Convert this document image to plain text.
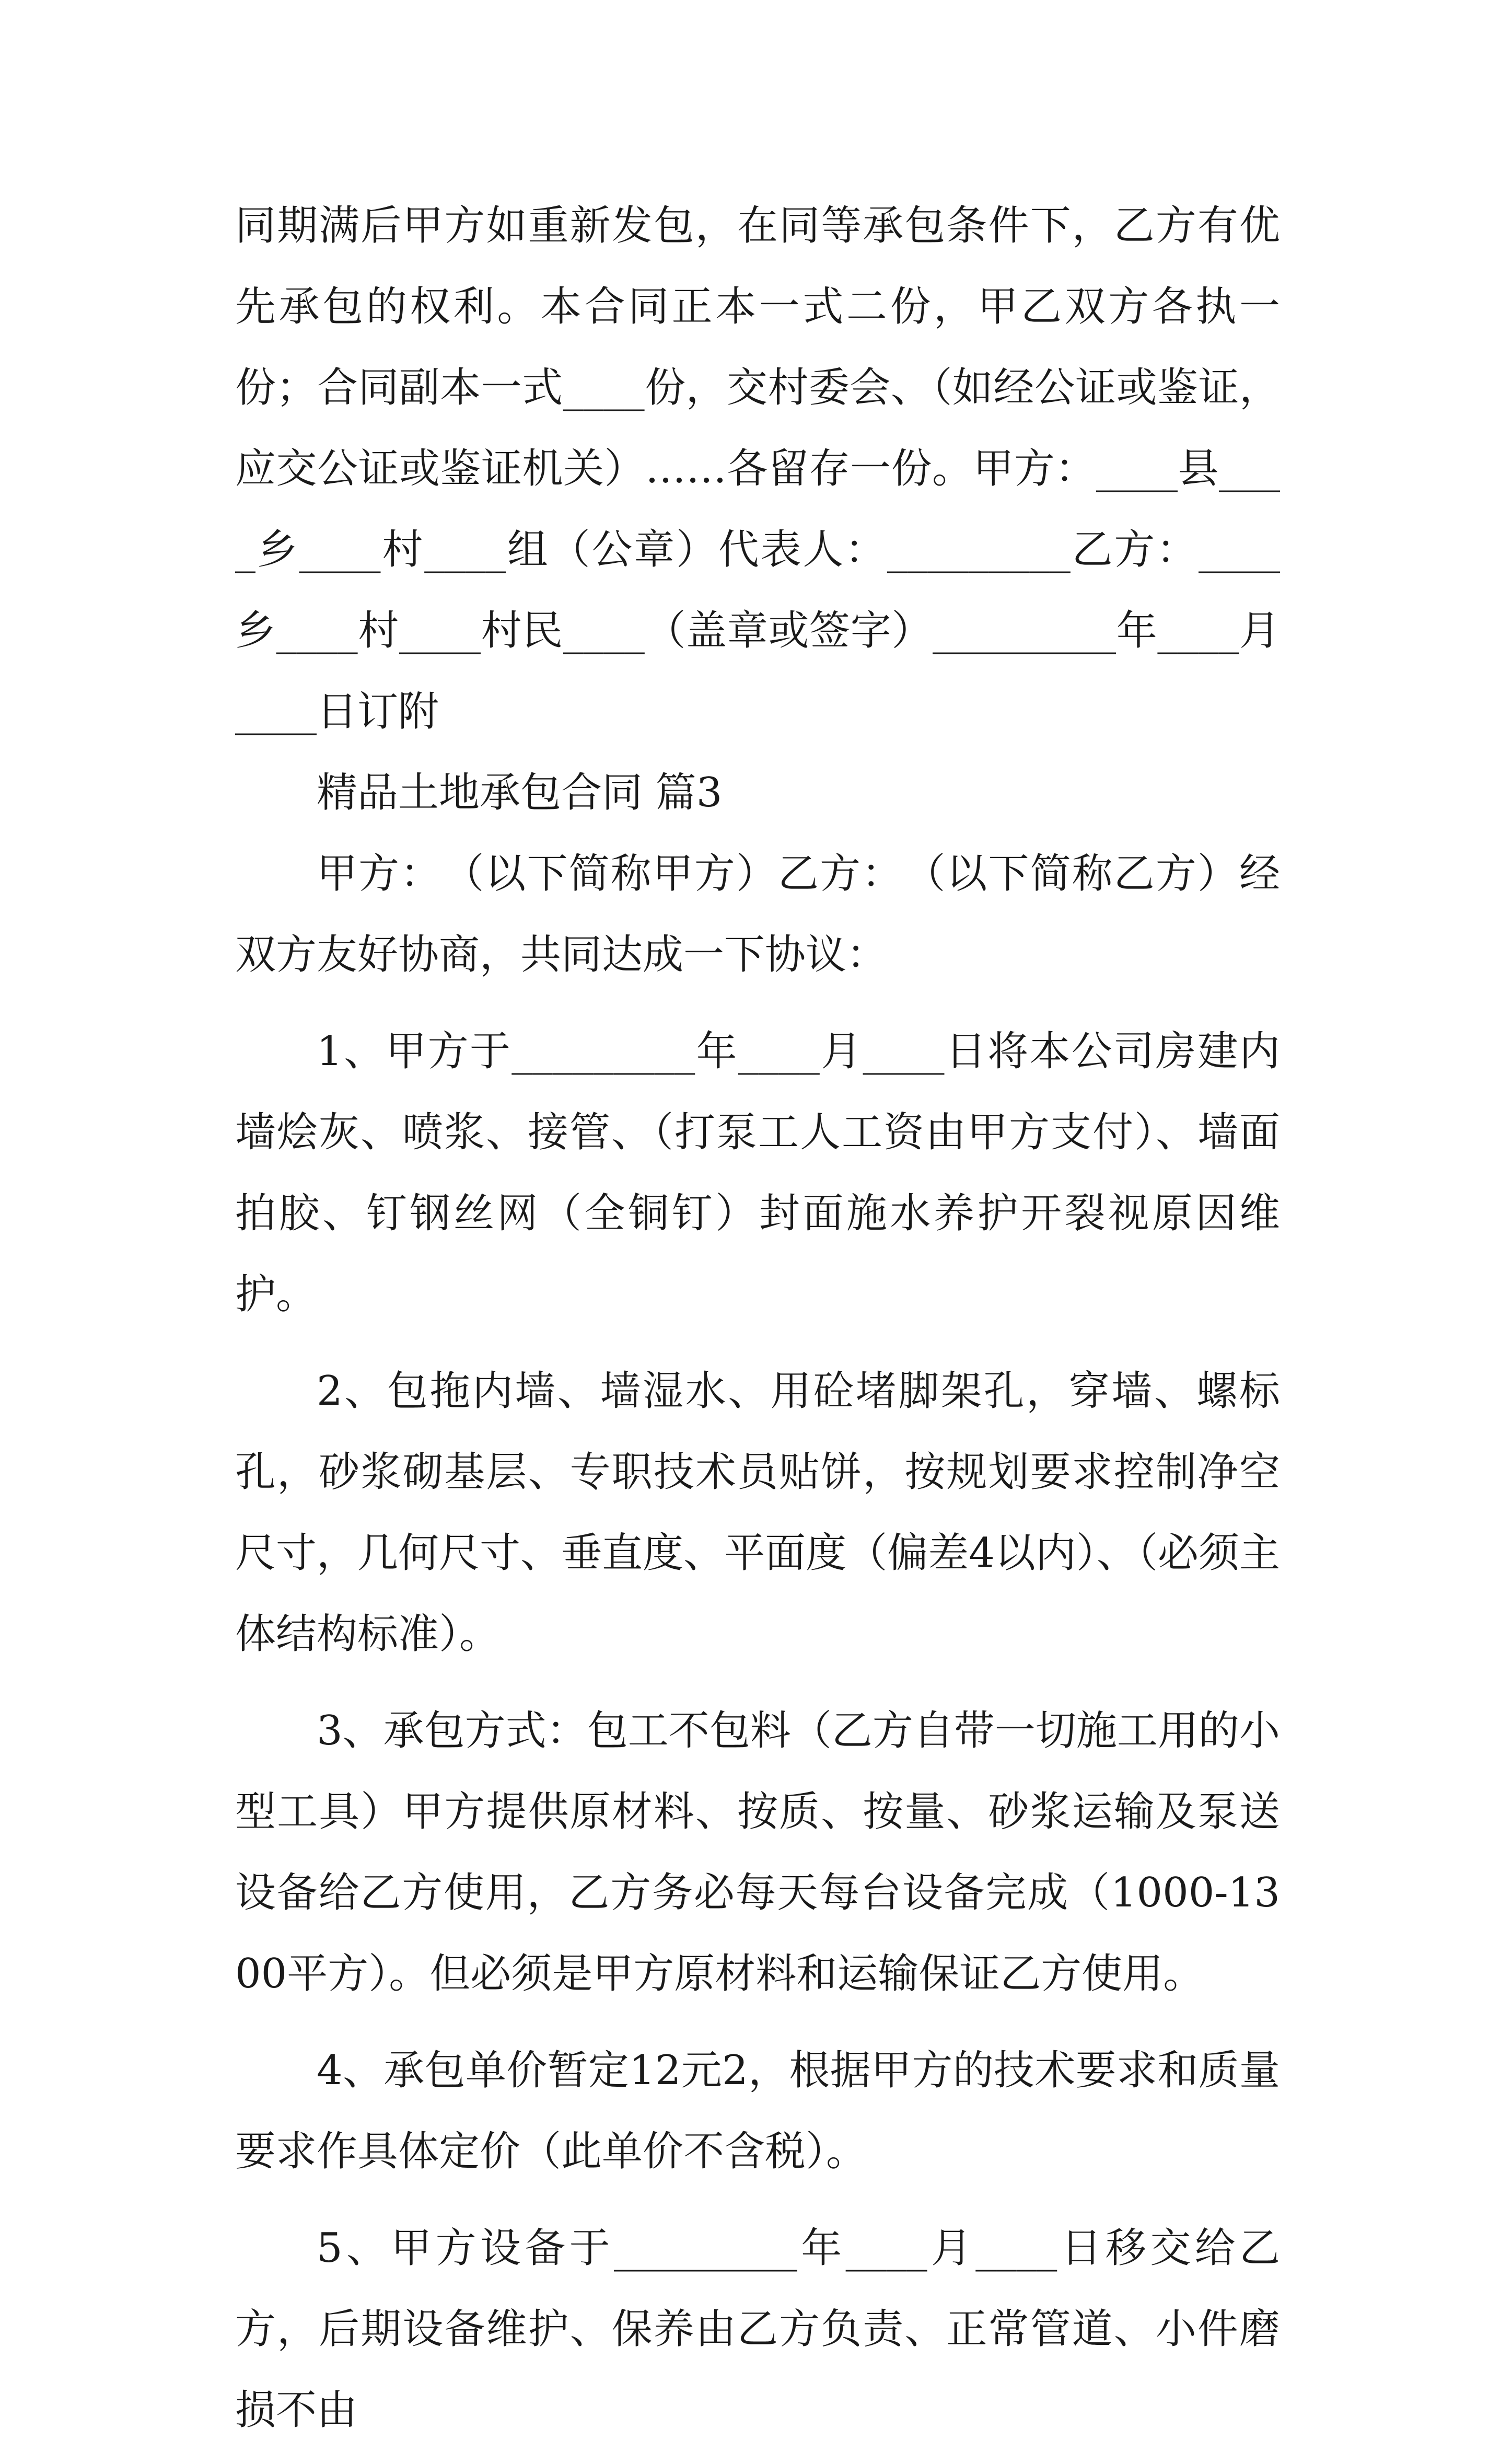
同期满后甲方如重新发包，在同等承包条件下，乙方有优先承包的权利。本合同正本一式二份，甲乙双方各执一份；合同副本一式____份，交村委会、（如经公证或鉴证，应交公证或鉴证机关）……各留存一份。甲方：____县____乡____村____组（公章）代表人：_________乙方：____乡____村____村民____（盖章或签字）_________年____月____日订附

精品土地承包合同 篇3

甲方：　（以下简称甲方）乙方：　（以下简称乙方）经双方友好协商，共同达成一下协议：

1、甲方于_________年____月____日将本公司房建内墙烩灰、喷浆、接管、（打泵工人工资由甲方支付）、墙面拍胶、钉钢丝网（全铜钉）封面施水养护开裂视原因维护。

2、包拖内墙、墙湿水、用砼堵脚架孔，穿墙、螺标孔，砂浆砌基层、专职技术员贴饼，按规划要求控制净空尺寸，几何尺寸、垂直度、平面度（偏差4以内）、（必须主体结构标准）。

3、承包方式：包工不包料（乙方自带一切施工用的小型工具）甲方提供原材料、按质、按量、砂浆运输及泵送设备给乙方使用，乙方务必每天每台设备完成（1000-1300平方）。但必须是甲方原材料和运输保证乙方使用。

4、承包单价暂定12元2，根据甲方的技术要求和质量要求作具体定价（此单价不含税）。

5、甲方设备于_________年____月____日移交给乙方，后期设备维护、保养由乙方负责、正常管道、小件磨损不由
